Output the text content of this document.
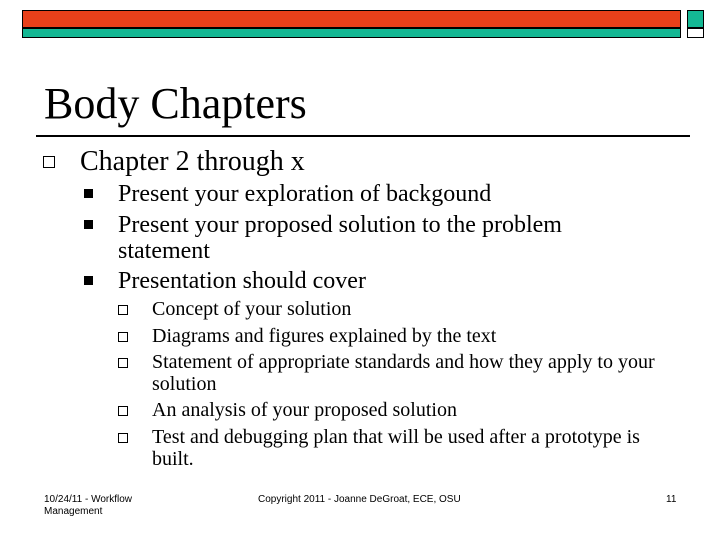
Body Chapters
Chapter 2 through x
Present your exploration of backgound
Present your proposed solution to the problem statement
Presentation should cover
Concept of your solution
Diagrams and figures explained by the text
Statement of appropriate standards and how they apply to your solution
An analysis of your proposed solution
Test and debugging plan that will be used after a prototype is built.
10/24/11 - Workflow Management
Copyright 2011 - Joanne DeGroat, ECE, OSU	11
